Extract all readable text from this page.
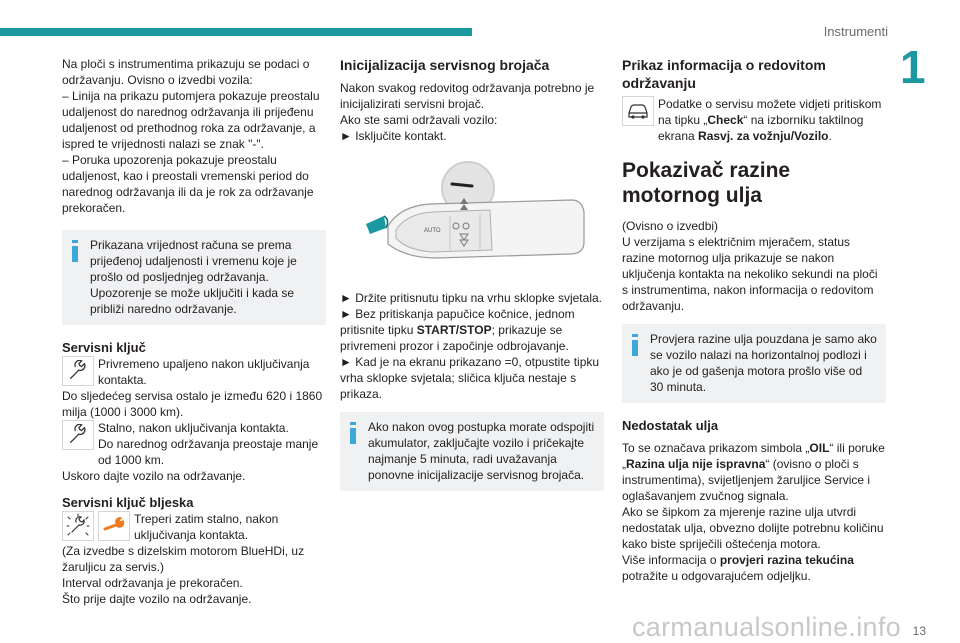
Instrumenti
1

Na ploči s instrumentima prikazuju se podaci o održavanju. Ovisno o izvedbi vozila:

– Linija na prikazu putomjera pokazuje preostalu udaljenost do narednog održavanja ili prijeđenu udaljenost od prethodnog roka za održavanje, a ispred te vrijednosti nalazi se znak "-".

– Poruka upozorenja pokazuje preostalu udaljenost, kao i preostali vremenski period do narednog održavanja ili da je rok za održavanje prekoračen.

Prikazana vrijednost računa se prema prijeđenoj udaljenosti i vremenu koje je prošlo od posljednjeg održavanja.

Upozorenje se može uključiti i kada se približi naredno održavanje.

Servisni ključ

Privremeno upaljeno nakon uključivanja kontakta.

Do sljedećeg servisa ostalo je između 620 i 1860 milja (1000 i 3000 km).

Stalno, nakon uključivanja kontakta.

Do narednog održavanja preostaje manje od 1000 km.

Uskoro dajte vozilo na održavanje.

Servisni ključ bljeska

Treperi zatim stalno, nakon uključivanja kontakta.

(Za izvedbe s dizelskim motorom BlueHDi, uz žaruljicu za servis.)

Interval održavanja je prekoračen.

Što prije dajte vozilo na održavanje.

Inicijalizacija servisnog brojača

Nakon svakog redovitog održavanja potrebno je inicijalizirati servisni brojač.

Ako ste sami održavali vozilo:

► Isključite kontakt.

AUTO

► Držite pritisnutu tipku na vrhu sklopke svjetala.

► Bez pritiskanja papučice kočnice, jednom pritisnite tipku START/STOP; prikazuje se privremeni prozor i započinje odbrojavanje.

► Kad je na ekranu prikazano =0, otpustite tipku vrha sklopke svjetala; sličica ključa nestaje s prikaza.

Ako nakon ovog postupka morate odspojiti akumulator, zaključajte vozilo i pričekajte najmanje 5 minuta, radi uvažavanja ponovne inicijalizacije servisnog brojača.

Prikaz informacija o redovitom održavanju

Podatke o servisu možete vidjeti pritiskom na tipku „Check“ na izborniku taktilnog ekrana Rasvj. za vožnju/Vozilo.

Pokazivač razine motornog ulja

(Ovisno o izvedbi)

U verzijama s električnim mjeračem, status razine motornog ulja prikazuje se nakon uključenja kontakta na nekoliko sekundi na ploči s instrumentima, nakon informacija o redovitom održavanju.

Provjera razine ulja pouzdana je samo ako se vozilo nalazi na horizontalnoj podlozi i ako je od gašenja motora prošlo više od 30 minuta.

Nedostatak ulja

To se označava prikazom simbola „OIL“ ili poruke „Razina ulja nije ispravna“ (ovisno o ploči s instrumentima), svijetljenjem žaruljice Service i oglašavanjem zvučnog signala.

Ako se šipkom za mjerenje razine ulja utvrdi nedostatak ulja, obvezno dolijte potrebnu količinu kako biste spriječili oštećenja motora.

Više informacija o provjeri razina tekućina potražite u odgovarajućem odjeljku.

carmanualsonline.info 13
